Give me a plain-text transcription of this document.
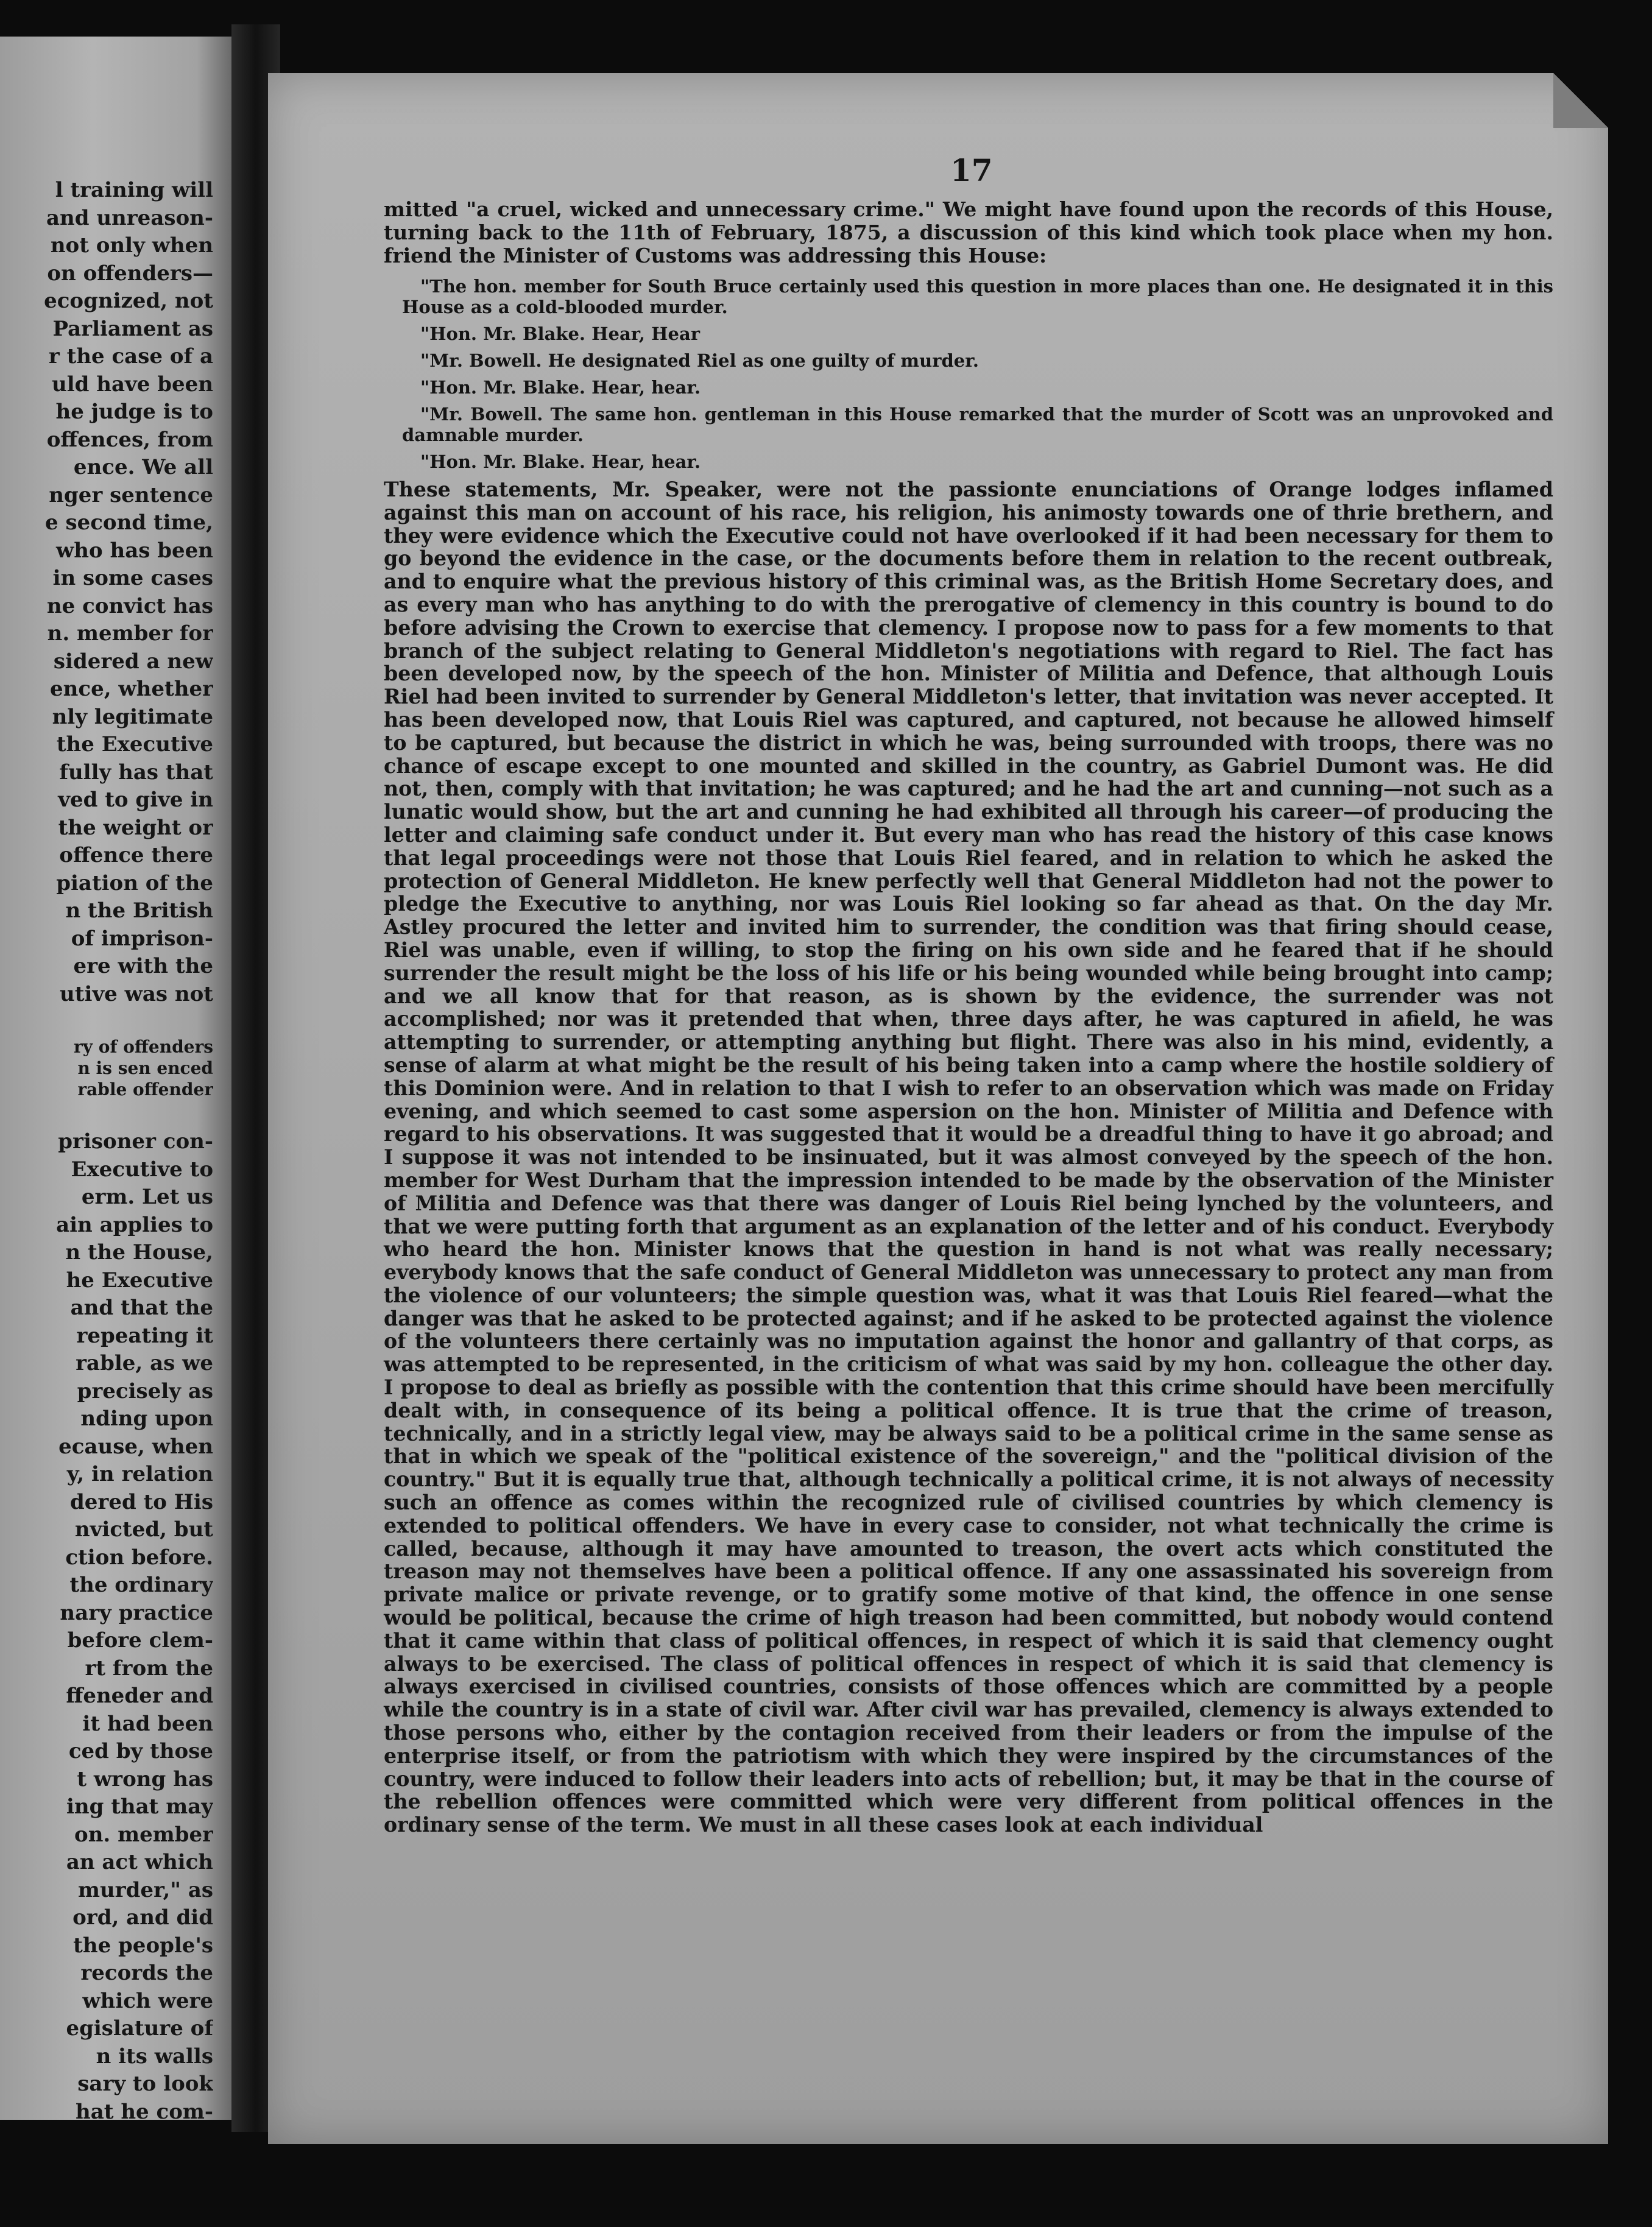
l training will
and unreason-
not only when
on offenders—
ecognized, not
Parliament as
r the case of a
uld have been
he judge is to
offences, from
ence. We all
nger sentence
e second time,
who has been
in some cases
ne convict has
n. member for
sidered a new
ence, whether
nly legitimate
the Executive
fully has that
ved to give in
the weight or
offence there
piation of the
n the British
of imprison-
ere with the
utive was not
ry of offenders
n is sen enced
rable offender
prisoner con-
Executive to
erm. Let us
ain applies to
n the House,
he Executive
and that the
repeating it
rable, as we
precisely as
nding upon
ecause, when
y, in relation
dered to His
nvicted, but
ction before.
the ordinary
nary practice
before clem-
rt from the
ffeneder and
it had been
ced by those
t wrong has
ing that may
on. member
an act which
murder," as
ord, and did
the people's
records the
which were
egislature of
n its walls
sary to look
hat he com-
17

mitted "a cruel, wicked and unnecessary crime." We might have found upon the records of this House, turning back to the 11th of February, 1875, a discussion of this kind which took place when my hon. friend the Minister of Customs was addressing this House:

"The hon. member for South Bruce certainly used this question in more places than one. He designated it in this House as a cold-blooded murder.

"Hon. Mr. Blake. Hear, Hear

"Mr. Bowell. He designated Riel as one guilty of murder.

"Hon. Mr. Blake. Hear, hear.

"Mr. Bowell. The same hon. gentleman in this House remarked that the murder of Scott was an unprovoked and damnable murder.

"Hon. Mr. Blake. Hear, hear.

These statements, Mr. Speaker, were not the passionte enunciations of Orange lodges inflamed against this man on account of his race, his religion, his animosty towards one of thrie brethern, and they were evidence which the Executive could not have overlooked if it had been necessary for them to go beyond the evidence in the case, or the documents before them in relation to the recent outbreak, and to enquire what the previous history of this criminal was, as the British Home Secretary does, and as every man who has anything to do with the prerogative of clemency in this country is bound to do before advising the Crown to exercise that clemency. I propose now to pass for a few moments to that branch of the subject relating to General Middleton's negotiations with regard to Riel. The fact has been developed now, by the speech of the hon. Minister of Militia and Defence, that although Louis Riel had been invited to surrender by General Middleton's letter, that invitation was never accepted. It has been developed now, that Louis Riel was captured, and captured, not because he allowed himself to be captured, but because the district in which he was, being surrounded with troops, there was no chance of escape except to one mounted and skilled in the country, as Gabriel Dumont was. He did not, then, comply with that invitation; he was captured; and he had the art and cunning—not such as a lunatic would show, but the art and cunning he had exhibited all through his career—of producing the letter and claiming safe conduct under it. But every man who has read the history of this case knows that legal proceedings were not those that Louis Riel feared, and in relation to which he asked the protection of General Middleton. He knew perfectly well that General Middleton had not the power to pledge the Executive to anything, nor was Louis Riel looking so far ahead as that. On the day Mr. Astley procured the letter and invited him to surrender, the condition was that firing should cease, Riel was unable, even if willing, to stop the firing on his own side and he feared that if he should surrender the result might be the loss of his life or his being wounded while being brought into camp; and we all know that for that reason, as is shown by the evidence, the surrender was not accomplished; nor was it pretended that when, three days after, he was captured in afield, he was attempting to surrender, or attempting anything but flight. There was also in his mind, evidently, a sense of alarm at what might be the result of his being taken into a camp where the hostile soldiery of this Dominion were. And in relation to that I wish to refer to an observation which was made on Friday evening, and which seemed to cast some aspersion on the hon. Minister of Militia and Defence with regard to his observations. It was suggested that it would be a dreadful thing to have it go abroad; and I suppose it was not intended to be insinuated, but it was almost conveyed by the speech of the hon. member for West Durham that the impression intended to be made by the observation of the Minister of Militia and Defence was that there was danger of Louis Riel being lynched by the volunteers, and that we were putting forth that argument as an explanation of the letter and of his conduct. Everybody who heard the hon. Minister knows that the question in hand is not what was really necessary; everybody knows that the safe conduct of General Middleton was unnecessary to protect any man from the violence of our volunteers; the simple question was, what it was that Louis Riel feared—what the danger was that he asked to be protected against; and if he asked to be protected against the violence of the volunteers there certainly was no imputation against the honor and gallantry of that corps, as was attempted to be represented, in the criticism of what was said by my hon. colleague the other day. I propose to deal as briefly as possible with the contention that this crime should have been mercifully dealt with, in consequence of its being a political offence. It is true that the crime of treason, technically, and in a strictly legal view, may be always said to be a political crime in the same sense as that in which we speak of the "political existence of the sovereign," and the "political division of the country." But it is equally true that, although technically a political crime, it is not always of necessity such an offence as comes within the recognized rule of civilised countries by which clemency is extended to political offenders. We have in every case to consider, not what technically the crime is called, because, although it may have amounted to treason, the overt acts which constituted the treason may not themselves have been a political offence. If any one assassinated his sovereign from private malice or private revenge, or to gratify some motive of that kind, the offence in one sense would be political, because the crime of high treason had been committed, but nobody would contend that it came within that class of political offences, in respect of which it is said that clemency ought always to be exercised. The class of political offences in respect of which it is said that clemency is always exercised in civilised countries, consists of those offences which are committed by a people while the country is in a state of civil war. After civil war has prevailed, clemency is always extended to those persons who, either by the contagion received from their leaders or from the impulse of the enterprise itself, or from the patriotism with which they were inspired by the circumstances of the country, were induced to follow their leaders into acts of rebellion; but, it may be that in the course of the rebellion offences were committed which were very different from political offences in the ordinary sense of the term. We must in all these cases look at each individual
